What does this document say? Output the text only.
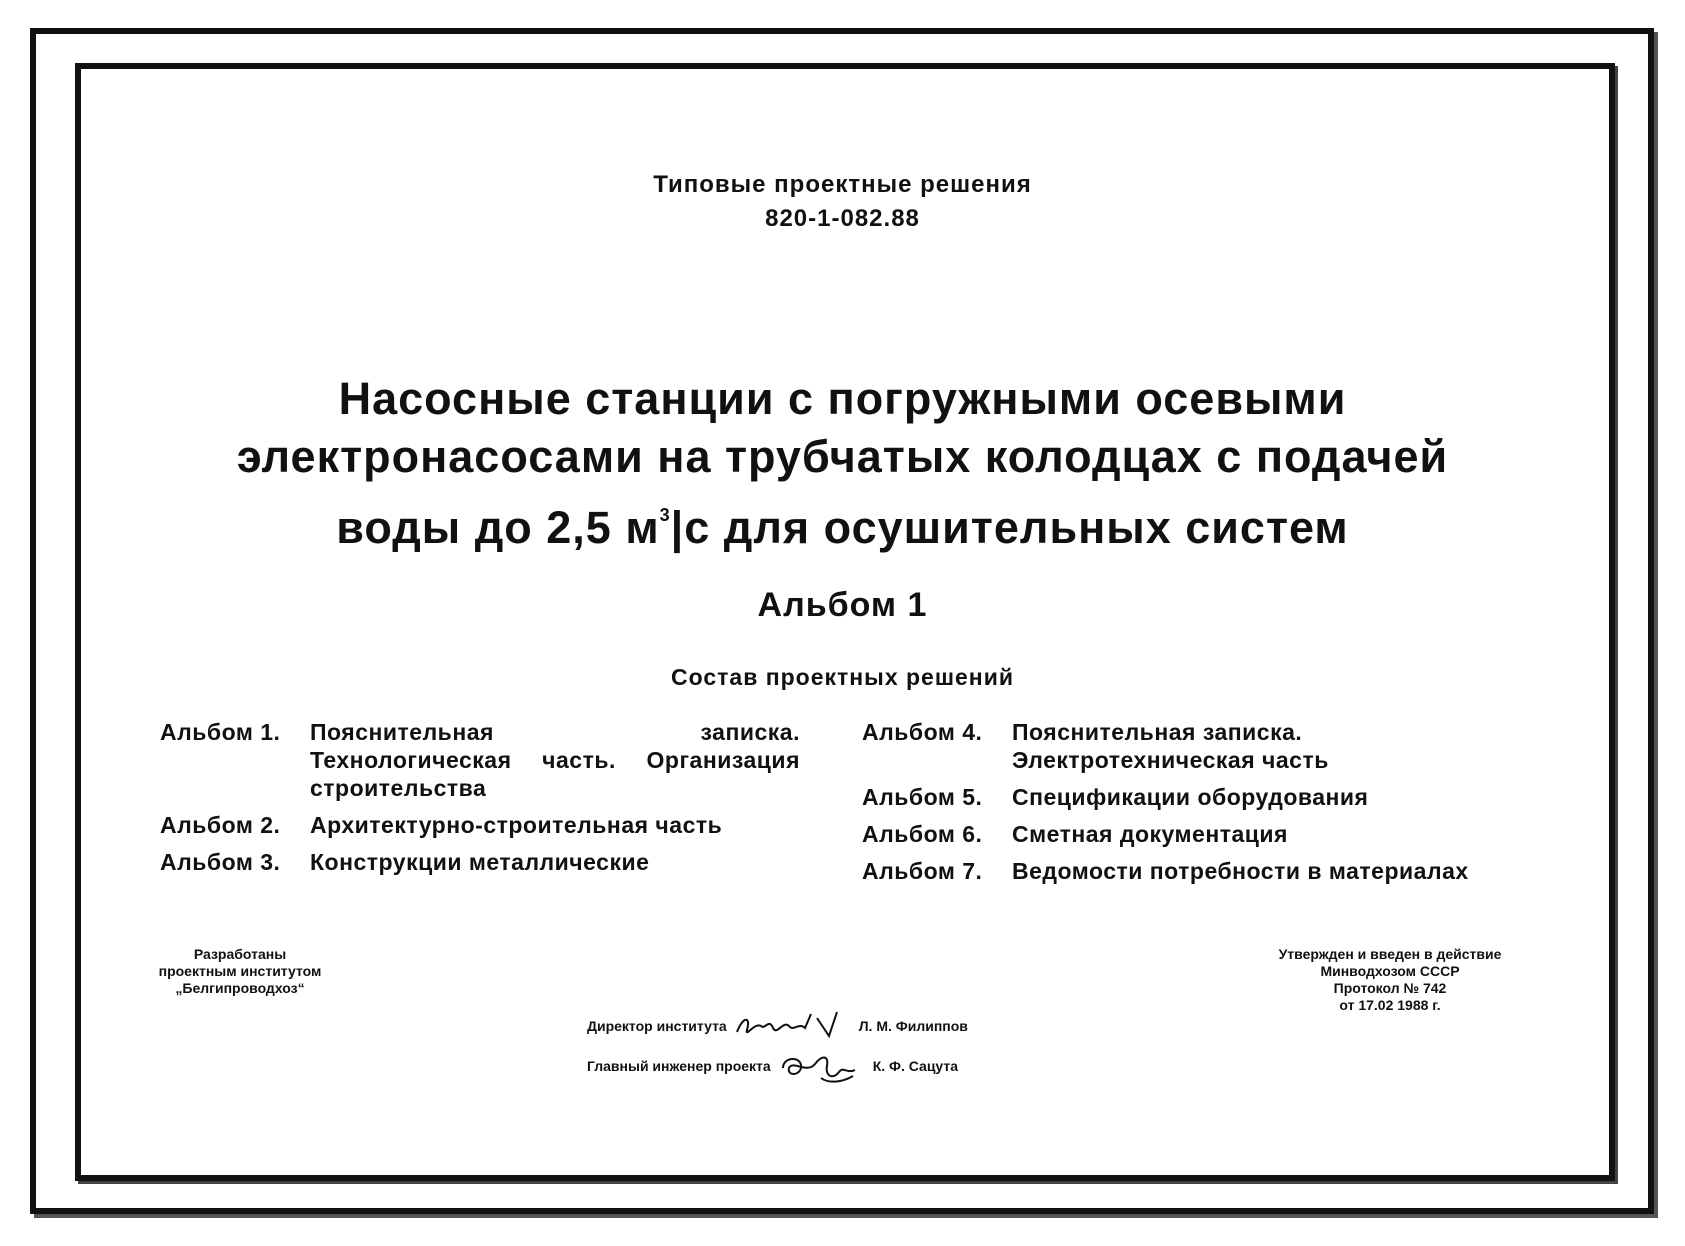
Типовые проектные решения
820-1-082.88
Насосные станции с погружными осевыми
электронасосами на трубчатых колодцах с подачей
воды до 2,5 $м^3|с$ для осушительных систем
Альбом 1
Состав проектных решений
Альбом 1.	Пояснительная записка. Технологическая часть. Организация строительства
Альбом 2.	Архитектурно-строительная часть
Альбом 3.	Конструкции металлические
Альбом 4.	Пояснительная записка. Электротехническая часть
Альбом 5.	Спецификации оборудования
Альбом 6.	Сметная документация
Альбом 7.	Ведомости потребности в материалах
Разработаны
проектным институтом
„Белгипроводхоз“
Утвержден и введен в действие
Минводхозом СССР
Протокол № 742
от 17.02 1988 г.
Директор института	Л. М. Филиппов
Главный инженер проекта	К. Ф. Сацута
